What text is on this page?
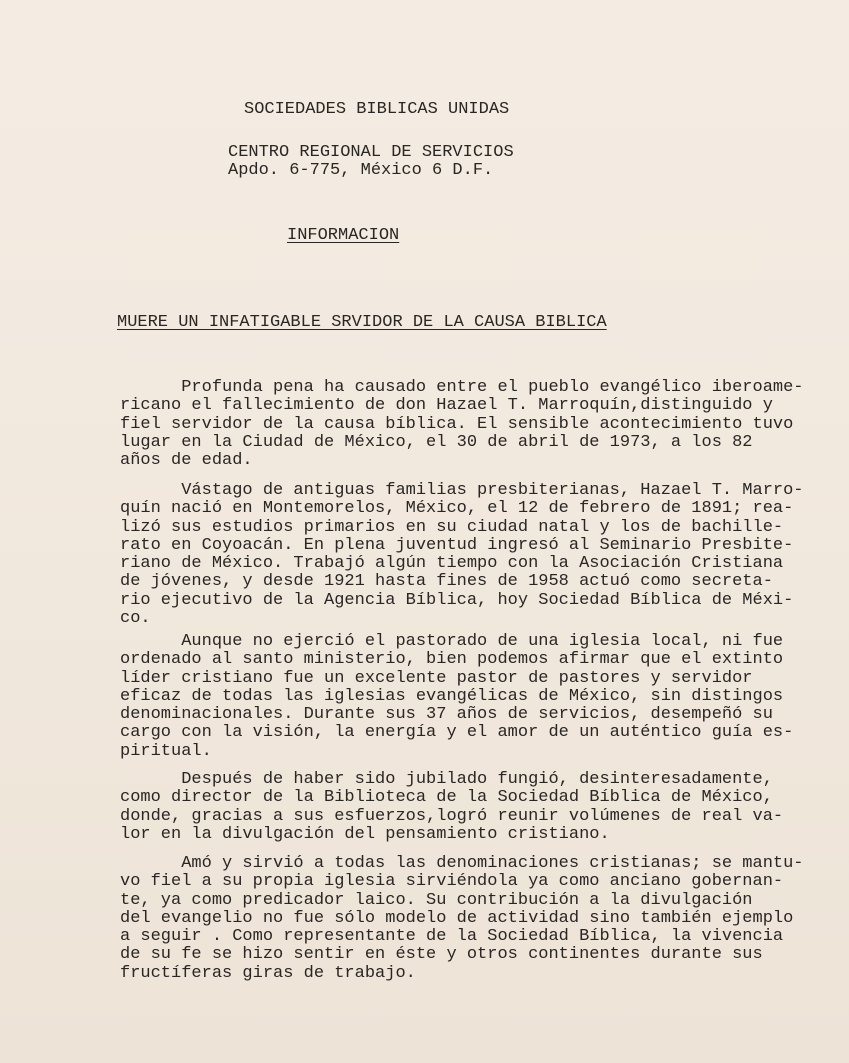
SOCIEDADES BIBLICAS UNIDAS
CENTRO REGIONAL DE SERVICIOS
Apdo. 6-775, México 6 D.F.
INFORMACION
MUERE UN INFATIGABLE SRVIDOR DE LA CAUSA BIBLICA
Profunda pena ha causado entre el pueblo evangélico iberoame-
ricano el fallecimiento de don Hazael T. Marroquín,distinguido y
fiel servidor de la causa bíblica. El sensible acontecimiento tuvo
lugar en la Ciudad de México, el 30 de abril de 1973, a los 82
años de edad.
Vástago de antiguas familias presbiterianas, Hazael T. Marro-
quín nació en Montemorelos, México, el 12 de febrero de 1891; rea-
lizó sus estudios primarios en su ciudad natal y los de bachille-
rato en Coyoacán. En plena juventud ingresó al Seminario Presbite-
riano de México. Trabajó algún tiempo con la Asociación Cristiana
de jóvenes, y desde 1921 hasta fines de 1958 actuó como secreta-
rio ejecutivo de la Agencia Bíblica, hoy Sociedad Bíblica de Méxi-
co.
Aunque no ejerció el pastorado de una iglesia local, ni fue
ordenado al santo ministerio, bien podemos afirmar que el extinto
líder cristiano fue un excelente pastor de pastores y servidor
eficaz de todas las iglesias evangélicas de México, sin distingos
denominacionales. Durante sus 37 años de servicios, desempeñó su
cargo con la visión, la energía y el amor de un auténtico guía es-
piritual.
Después de haber sido jubilado fungió, desinteresadamente,
como director de la Biblioteca de la Sociedad Bíblica de México,
donde, gracias a sus esfuerzos,logró reunir volúmenes de real va-
lor en la divulgación del pensamiento cristiano.
Amó y sirvió a todas las denominaciones cristianas; se mantu-
vo fiel a su propia iglesia sirviéndola ya como anciano gobernan-
te, ya como predicador laico. Su contribución a la divulgación
del evangelio no fue sólo modelo de actividad sino también ejemplo
a seguir . Como representante de la Sociedad Bíblica, la vivencia
de su fe se hizo sentir en éste y otros continentes durante sus
fructíferas giras de trabajo.
